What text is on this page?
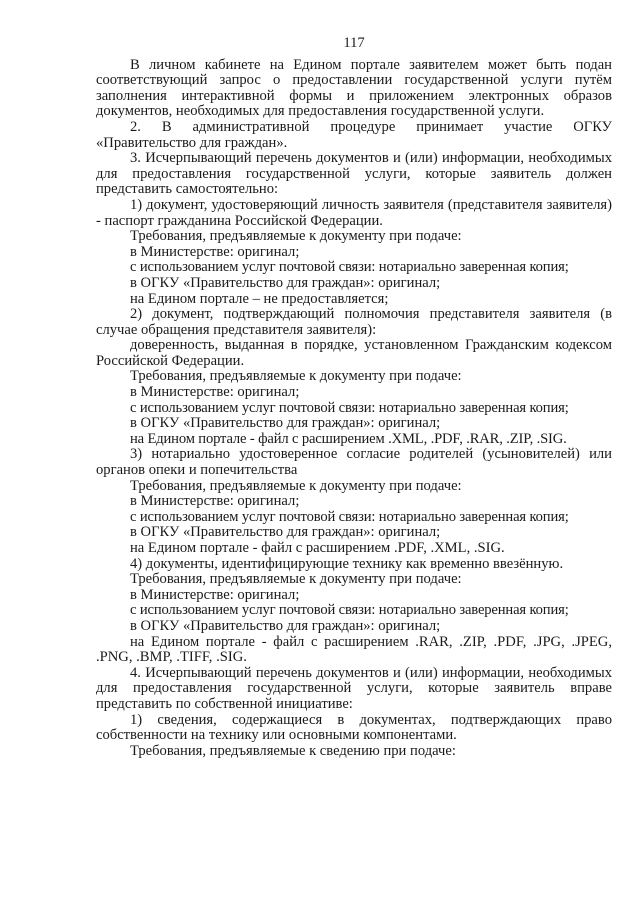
117

В личном кабинете на Едином портале заявителем может быть подан соответствующий запрос о предоставлении государственной услуги путём заполнения интерактивной формы и приложением электронных образов документов, необходимых для предоставления государственной услуги.

2. В административной процедуре принимает участие ОГКУ «Правительство для граждан».

3. Исчерпывающий перечень документов и (или) информации, необходимых для предоставления государственной услуги, которые заявитель должен представить самостоятельно:

1) документ, удостоверяющий личность заявителя (представителя заявителя) - паспорт гражданина Российской Федерации.

Требования, предъявляемые к документу при подаче:

в Министерстве: оригинал;

с использованием услуг почтовой связи: нотариально заверенная копия;

в ОГКУ «Правительство для граждан»: оригинал;

на Едином портале – не предоставляется;

2) документ, подтверждающий полномочия представителя заявителя (в случае обращения представителя заявителя):

доверенность, выданная в порядке, установленном Гражданским кодексом Российской Федерации.

Требования, предъявляемые к документу при подаче:

в Министерстве: оригинал;

с использованием услуг почтовой связи: нотариально заверенная копия;

в ОГКУ «Правительство для граждан»: оригинал;

на Едином портале - файл с расширением .XML, .PDF, .RAR, .ZIP, .SIG.

3) нотариально удостоверенное согласие родителей (усыновителей) или органов опеки и попечительства

Требования, предъявляемые к документу при подаче:

в Министерстве: оригинал;

с использованием услуг почтовой связи: нотариально заверенная копия;

в ОГКУ «Правительство для граждан»: оригинал;

на Едином портале - файл с расширением .PDF, .XML, .SIG.

4) документы, идентифицирующие технику как временно ввезённую.

Требования, предъявляемые к документу при подаче:

в Министерстве: оригинал;

с использованием услуг почтовой связи: нотариально заверенная копия;

в ОГКУ «Правительство для граждан»: оригинал;

на Едином портале - файл с расширением .RAR, .ZIP, .PDF, .JPG, .JPEG, .PNG, .BMP, .TIFF, .SIG.

4. Исчерпывающий перечень документов и (или) информации, необходимых для предоставления государственной услуги, которые заявитель вправе представить по собственной инициативе:

1) сведения, содержащиеся в документах, подтверждающих право собственности на технику или основными компонентами.

Требования, предъявляемые к сведению при подаче:
